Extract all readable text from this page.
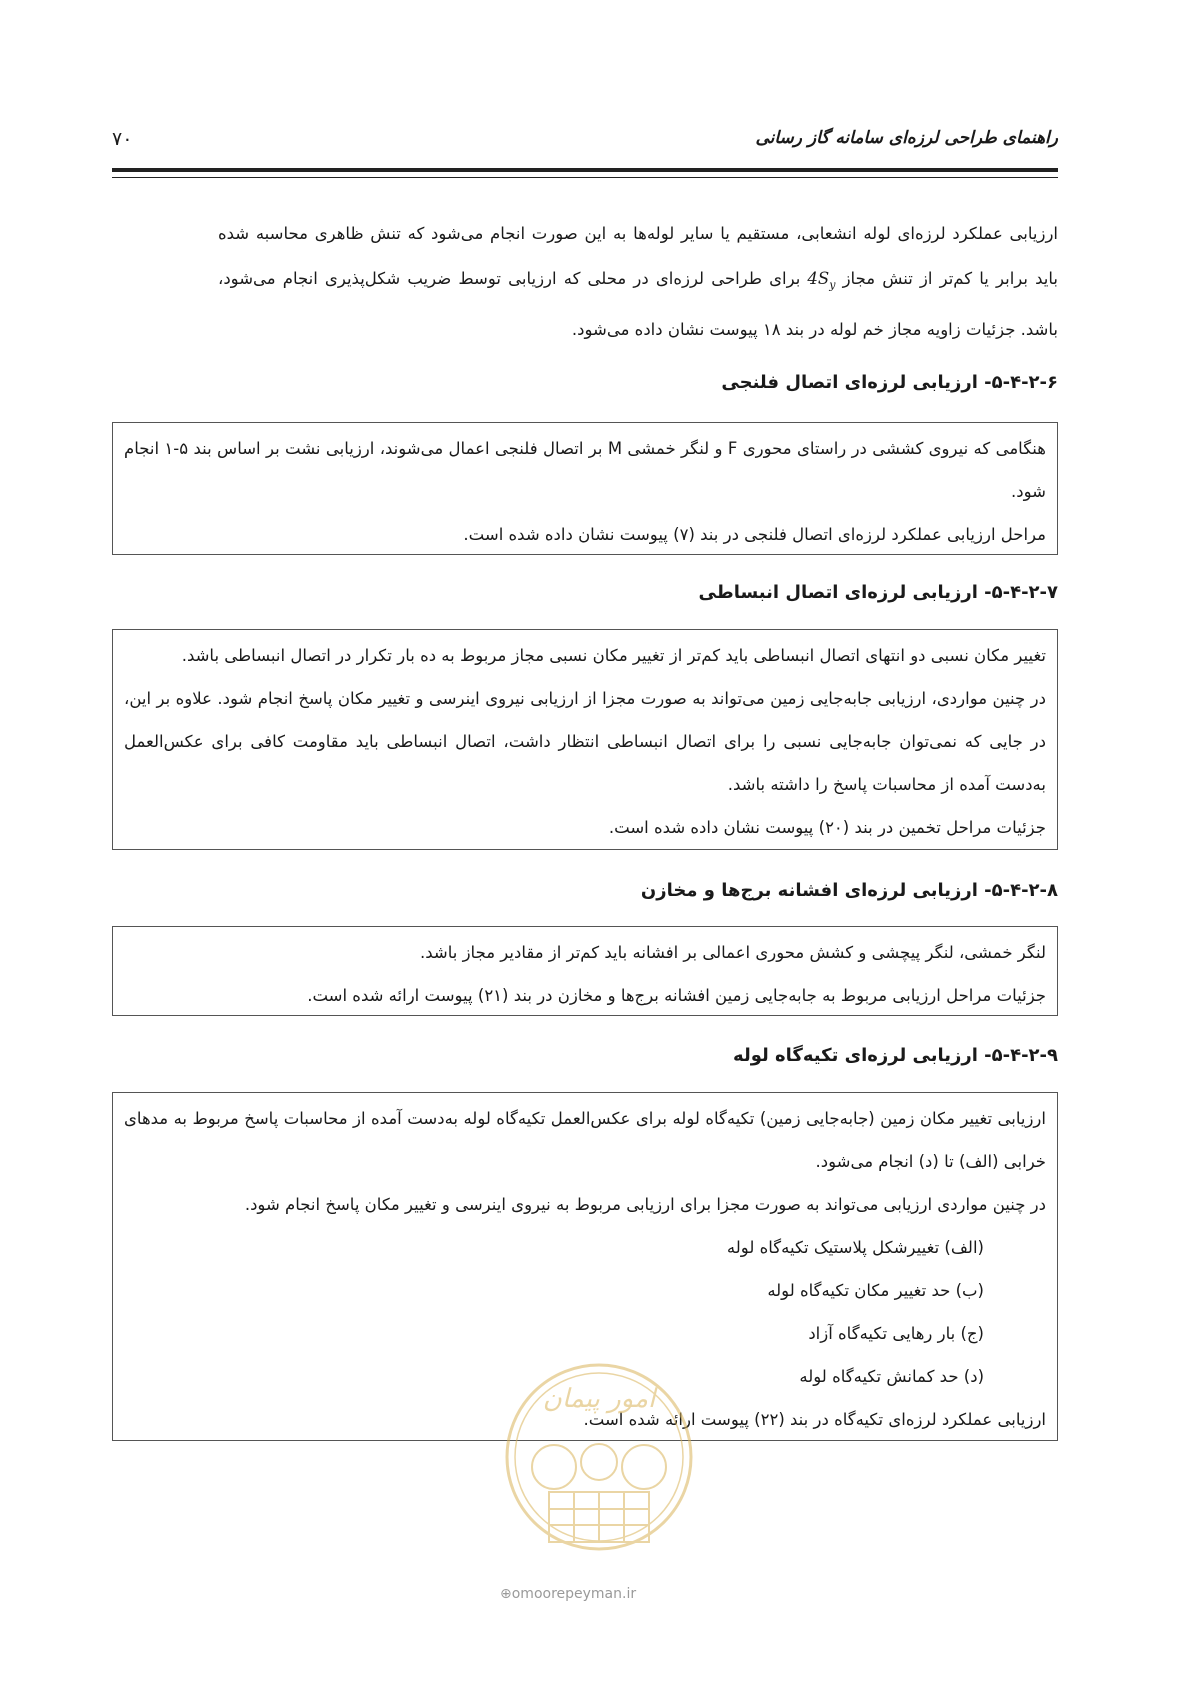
۷۰	راهنمای طراحی لرزه‌ای سامانه گاز رسانی
ارزیابی عملکرد لرزه‌ای لوله انشعابی، مستقیم یا سایر لوله‌ها به این صورت انجام می‌شود که تنش ظاهری محاسبه شده باید برابر یا کم‌تر از تنش مجاز $4S_y$ برای طراحی لرزه‌ای در محلی که ارزیابی توسط ضریب شکل‌پذیری انجام می‌شود، باشد. جزئیات زاویه مجاز خم لوله در بند ۱۸ پیوست نشان داده می‌شود.
۵-۴-۲-۶- ارزیابی لرزه‌ای اتصال فلنجی

هنگامی که نیروی کششی در راستای محوری F و لنگر خمشی M بر اتصال فلنجی اعمال می‌شوند، ارزیابی نشت بر اساس بند ۵-۱ انجام شود.

مراحل ارزیابی عملکرد لرزه‌ای اتصال فلنجی در بند (۷) پیوست نشان داده شده است.

۵-۴-۲-۷- ارزیابی لرزه‌ای اتصال انبساطی

تغییر مکان نسبی دو انتهای اتصال انبساطی باید کم‌تر از تغییر مکان نسبی مجاز مربوط به ده بار تکرار در اتصال انبساطی باشد.

در چنین مواردی، ارزیابی جابه‌جایی زمین می‌تواند به صورت مجزا از ارزیابی نیروی اینرسی و تغییر مکان پاسخ انجام شود. علاوه بر این، در جایی که نمی‌توان جابه‌جایی نسبی را برای اتصال انبساطی انتظار داشت، اتصال انبساطی باید مقاومت کافی برای عکس‌العمل به‌دست آمده از محاسبات پاسخ را داشته باشد.

جزئیات مراحل تخمین در بند (۲۰) پیوست نشان داده شده است.

۵-۴-۲-۸- ارزیابی لرزه‌ای افشانه برج‌ها و مخازن

لنگر خمشی، لنگر پیچشی و کشش محوری اعمالی بر افشانه باید کم‌تر از مقادیر مجاز باشد.

جزئیات مراحل ارزیابی مربوط به جابه‌جایی زمین افشانه برج‌ها و مخازن در بند (۲۱) پیوست ارائه شده است.

۵-۴-۲-۹- ارزیابی لرزه‌ای تکیه‌گاه لوله

ارزیابی تغییر مکان زمین (جابه‌جایی زمین) تکیه‌گاه لوله برای عکس‌العمل تکیه‌گاه لوله به‌دست آمده از محاسبات پاسخ مربوط به مدهای خرابی (الف) تا (د) انجام می‌شود.

در چنین مواردی ارزیابی می‌تواند به صورت مجزا برای ارزیابی مربوط به نیروی اینرسی و تغییر مکان پاسخ انجام شود.

(الف) تغییرشکل پلاستیک تکیه‌گاه لوله

(ب) حد تغییر مکان تکیه‌گاه لوله

(ج) بار رهایی تکیه‌گاه آزاد

(د) حد کمانش تکیه‌گاه لوله

ارزیابی عملکرد لرزه‌ای تکیه‌گاه در بند (۲۲) پیوست ارائه شده است.

امور پیمان
⊕omoorepeyman.ir
